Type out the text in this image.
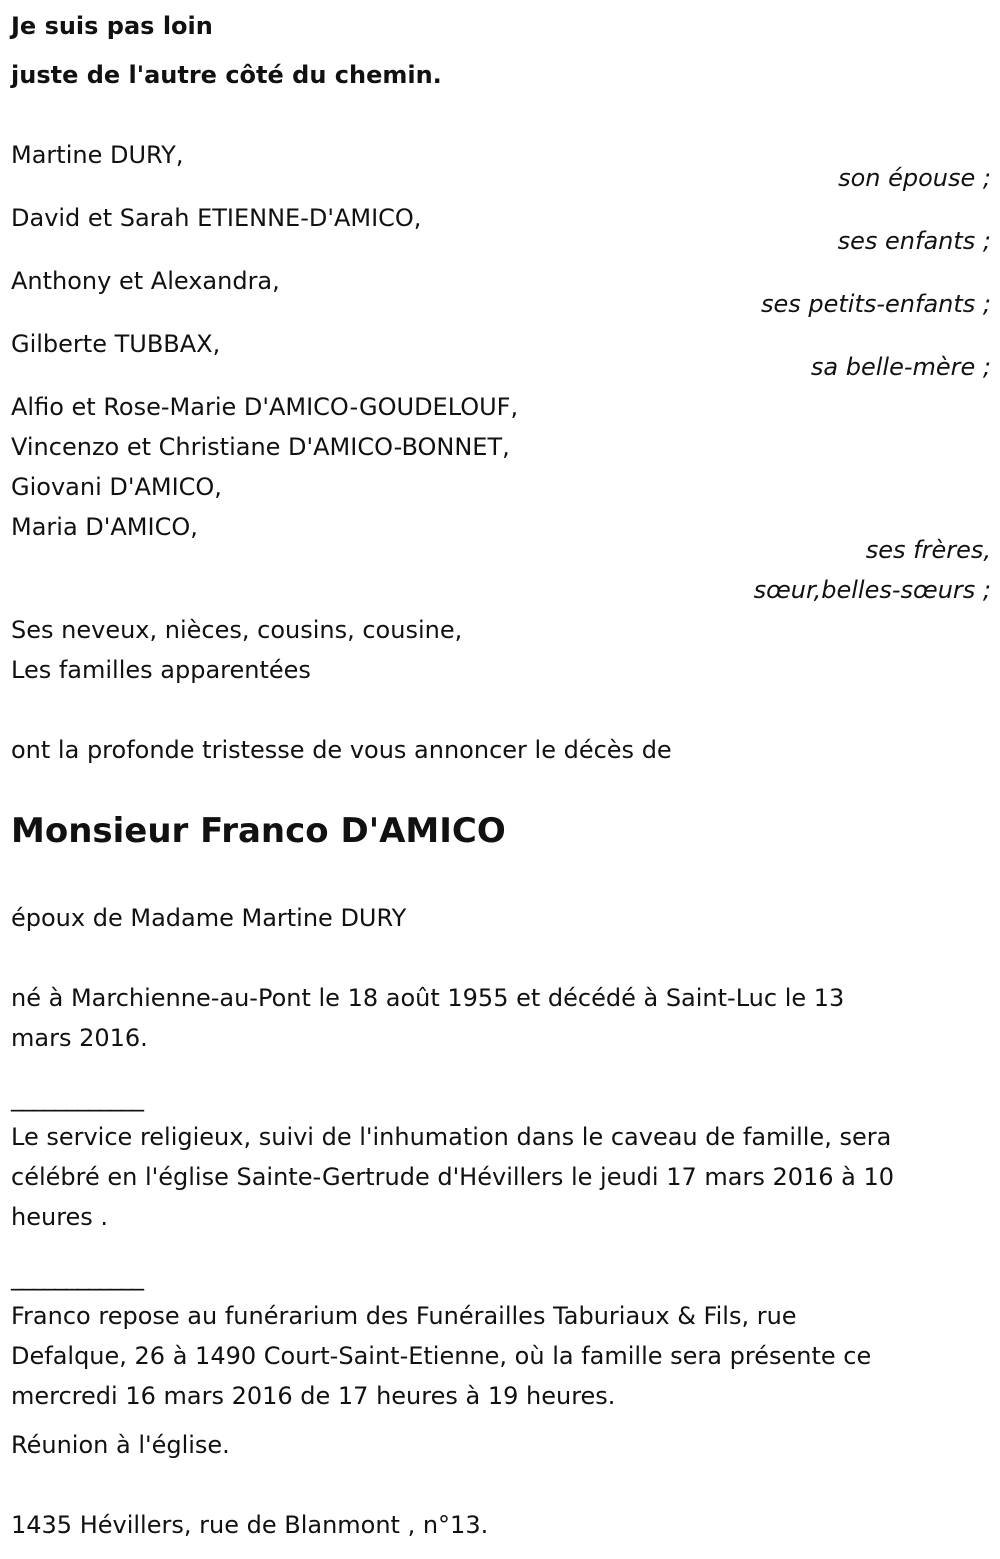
Je suis pas loin
juste de l'autre côté du chemin.
Martine DURY,
son épouse ;
David et Sarah ETIENNE-D'AMICO,
ses enfants ;
Anthony et Alexandra,
ses petits-enfants ;
Gilberte TUBBAX,
sa belle-mère ;
Alfio et Rose-Marie D'AMICO-GOUDELOUF,
Vincenzo et Christiane D'AMICO-BONNET,
Giovani D'AMICO,
Maria D'AMICO,
ses frères,
sœur,belles-sœurs ;
Ses neveux, nièces, cousins, cousine,
Les familles apparentées
ont la profonde tristesse de vous annoncer le décès de
Monsieur Franco D'AMICO
époux de Madame Martine DURY
né à Marchienne-au-Pont le 18 août 1955 et décédé à Saint-Luc le 13
mars 2016.
____________
Le service religieux, suivi de l'inhumation dans le caveau de famille, sera
célébré en l'église Sainte-Gertrude d'Hévillers le jeudi 17 mars 2016 à 10
heures .
____________
Franco repose au funérarium des Funérailles Taburiaux & Fils, rue
Defalque, 26 à 1490 Court-Saint-Etienne, où la famille sera présente ce
mercredi 16 mars 2016 de 17 heures à 19 heures.
Réunion à l'église.
1435 Hévillers, rue de Blanmont , n°13.
